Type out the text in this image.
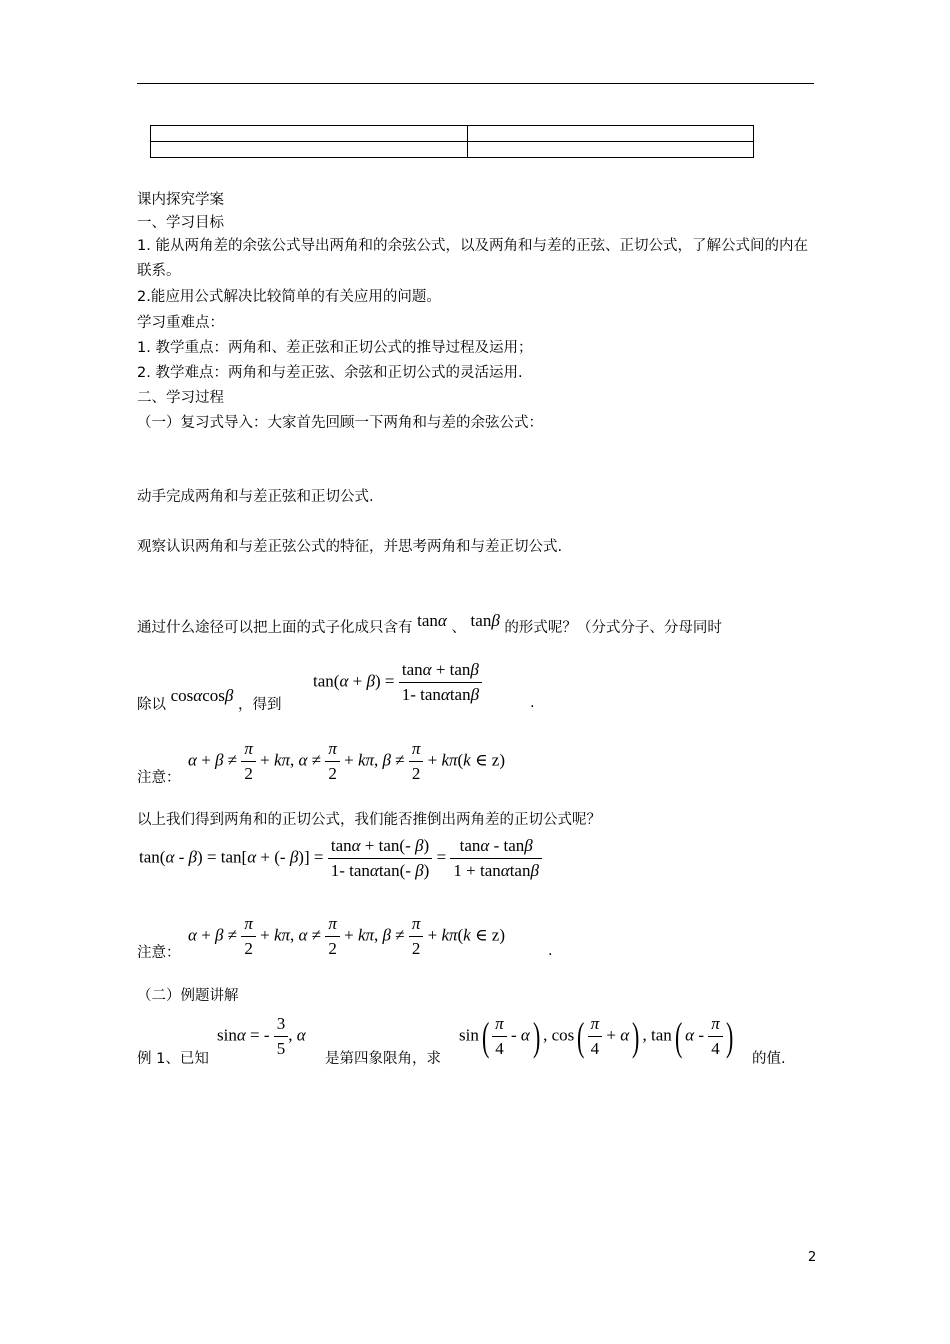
课内探究学案
一、学习目标
1. 能从两角差的余弦公式导出两角和的余弦公式，以及两角和与差的正弦、正切公式，了解公式间的内在联系。
2.能应用公式解决比较简单的有关应用的问题。
学习重难点：
1. 教学重点：两角和、差正弦和正切公式的推导过程及运用；
2. 教学难点：两角和与差正弦、余弦和正切公式的灵活运用.
二、学习过程
（一）复习式导入：大家首先回顾一下两角和与差的余弦公式：
动手完成两角和与差正弦和正切公式.
观察认识两角和与差正弦公式的特征，并思考两角和与差正切公式.
通过什么途径可以把上面的式子化成只含有 tanα 、 tanβ 的形式呢？（分式分子、分母同时
除以 cosαcosβ ，得到
$\tan(\alpha + \beta) = \frac{\tan\alpha + \tan\beta}{1- \tan\alpha\tan\beta}$	.
注意：
$\alpha + \beta \ne \frac{\pi}{2} + k\pi$, $\alpha \ne \frac{\pi}{2} + k\pi$, $\beta \ne \frac{\pi}{2} + k\pi(k$ ∈ z)
以上我们得到两角和的正切公式，我们能否推倒出两角差的正切公式呢？
tan(α - β) = tan[α + (- $\beta)] = \frac{\tan\alpha + \tan(- \beta)}{1- \tan\alpha\tan(- \beta)} = \frac{\tan\alpha - \tan\beta}{1 + \tan\alpha\tan\beta}$
注意：
$\alpha + \beta \ne \frac{\pi}{2} + k\pi$, $\alpha \ne \frac{\pi}{2} + k\pi$, $\beta \ne \frac{\pi}{2} + k\pi(k$ ∈ z)
.
（二）例题讲解
例 1、已知
sinα = - $\frac{3}{5}$ , α
是第四象限角，求
$\sin( \frac{\pi}{4} - \alpha)$ , $\cos( \frac{\pi}{4} + \alpha)$ , tan( α - $\frac{\pi}{4}$ )
的值.
2
